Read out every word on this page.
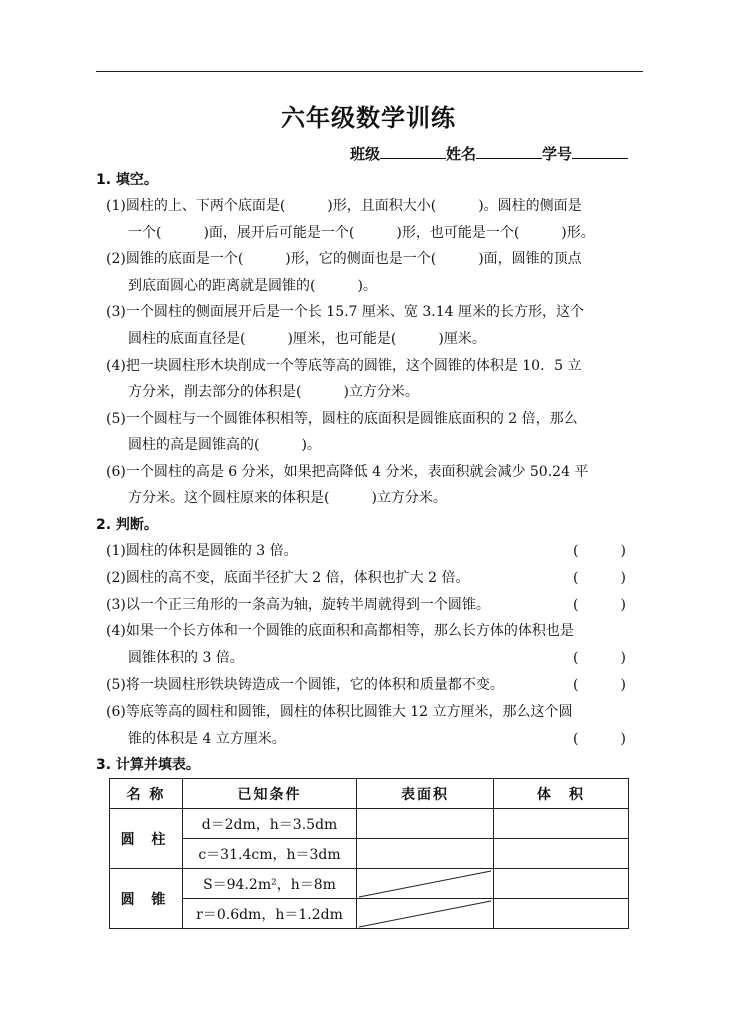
六年级数学训练
班级	姓名	学号
1. 填空。
(1)圆柱的上、下两个底面是(　　　)形，且面积大小(　　　)。圆柱的侧面是
一个(　　　)面，展开后可能是一个(　　　)形，也可能是一个(　　　)形。
(2)圆锥的底面是一个(　　　)形，它的侧面也是一个(　　　)面，圆锥的顶点
到底面圆心的距离就是圆锥的(　　　)。
(3)一个圆柱的侧面展开后是一个长 15.7 厘米、宽 3.14 厘米的长方形，这个
圆柱的底面直径是(　　　)厘米，也可能是(　　　)厘米。
(4)把一块圆柱形木块削成一个等底等高的圆锥，这个圆锥的体积是 10．5 立
方分米，削去部分的体积是(　　　)立方分米。
(5)一个圆柱与一个圆锥体积相等，圆柱的底面积是圆锥底面积的 2 倍，那么
圆柱的高是圆锥高的(　　　)。
(6)一个圆柱的高是 6 分米，如果把高降低 4 分米，表面积就会减少 50.24 平
方分米。这个圆柱原来的体积是(　　　)立方分米。
2. 判断。
(1)圆柱的体积是圆锥的 3 倍。	(　　　)
(2)圆柱的高不变，底面半径扩大 2 倍，体积也扩大 2 倍。	(　　　)
(3)以一个正三角形的一条高为轴，旋转半周就得到一个圆锥。	(　　　)
(4)如果一个长方体和一个圆锥的底面积和高都相等，那么长方体的体积也是
圆锥体积的 3 倍。	(　　　)
(5)将一块圆柱形铁块铸造成一个圆锥，它的体积和质量都不变。	(　　　)
(6)等底等高的圆柱和圆锥，圆柱的体积比圆锥大 12 立方厘米，那么这个圆
锥的体积是 4 立方厘米。	(　　　)
3. 计算并填表。
名 称	已知条件	表面积	体　积
圆 柱	d＝2dm，h＝3.5dm		
	c＝31.4cm，h＝3dm		
圆 锥	S＝94.2m²，h＝8m	

	r＝0.6dm，h＝1.2dm	
